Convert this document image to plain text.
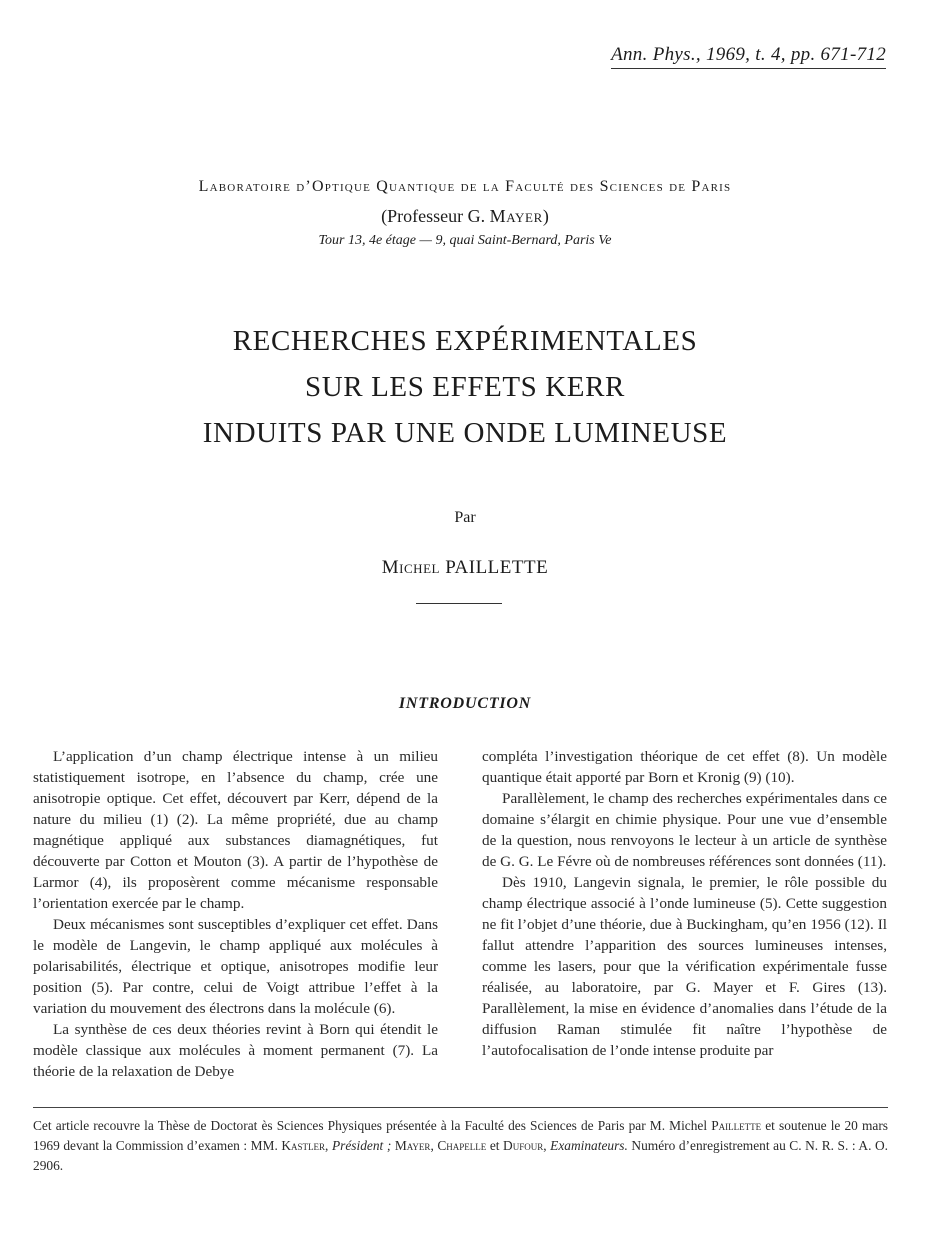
Ann. Phys., 1969, t. 4, pp. 671-712
Laboratoire d’Optique Quantique de la Faculté des Sciences de Paris
(Professeur G. Mayer)
Tour 13, 4e étage — 9, quai Saint-Bernard, Paris Ve
RECHERCHES EXPÉRIMENTALES
SUR LES EFFETS KERR
INDUITS PAR UNE ONDE LUMINEUSE
Par
Michel PAILLETTE
INTRODUCTION

L’application d’un champ électrique intense à un milieu statistiquement isotrope, en l’absence du champ, crée une anisotropie optique. Cet effet, découvert par Kerr, dépend de la nature du milieu (1) (2). La même propriété, due au champ magnétique appliqué aux substances diamagnétiques, fut découverte par Cotton et Mouton (3). A partir de l’hypothèse de Larmor (4), ils proposèrent comme mécanisme responsable l’orientation exercée par le champ.

Deux mécanismes sont susceptibles d’expliquer cet effet. Dans le modèle de Langevin, le champ appliqué aux molécules à polarisabilités, électrique et optique, anisotropes modifie leur position (5). Par contre, celui de Voigt attribue l’effet à la variation du mouvement des électrons dans la molécule (6).

La synthèse de ces deux théories revint à Born qui étendit le modèle classique aux molécules à moment permanent (7). La théorie de la relaxation de Debye

compléta l’investigation théorique de cet effet (8). Un modèle quantique était apporté par Born et Kronig (9) (10).

Parallèlement, le champ des recherches expérimentales dans ce domaine s’élargit en chimie physique. Pour une vue d’ensemble de la question, nous renvoyons le lecteur à un article de synthèse de G. G. Le Févre où de nombreuses références sont données (11).

Dès 1910, Langevin signala, le premier, le rôle possible du champ électrique associé à l’onde lumineuse (5). Cette suggestion ne fit l’objet d’une théorie, due à Buckingham, qu’en 1956 (12). Il fallut attendre l’apparition des sources lumineuses intenses, comme les lasers, pour que la vérification expérimentale fusse réalisée, au laboratoire, par G. Mayer et F. Gires (13). Parallèlement, la mise en évidence d’anomalies dans l’étude de la diffusion Raman stimulée fit naître l’hypothèse de l’autofocalisation de l’onde intense produite par

Cet article recouvre la Thèse de Doctorat ès Sciences Physiques présentée à la Faculté des Sciences de Paris par M. Michel Paillette et soutenue le 20 mars 1969 devant la Commission d’examen : MM. Kastler, Président ; Mayer, Chapelle et Dufour, Examinateurs. Numéro d’enregistrement au C. N. R. S. : A. O. 2906.
